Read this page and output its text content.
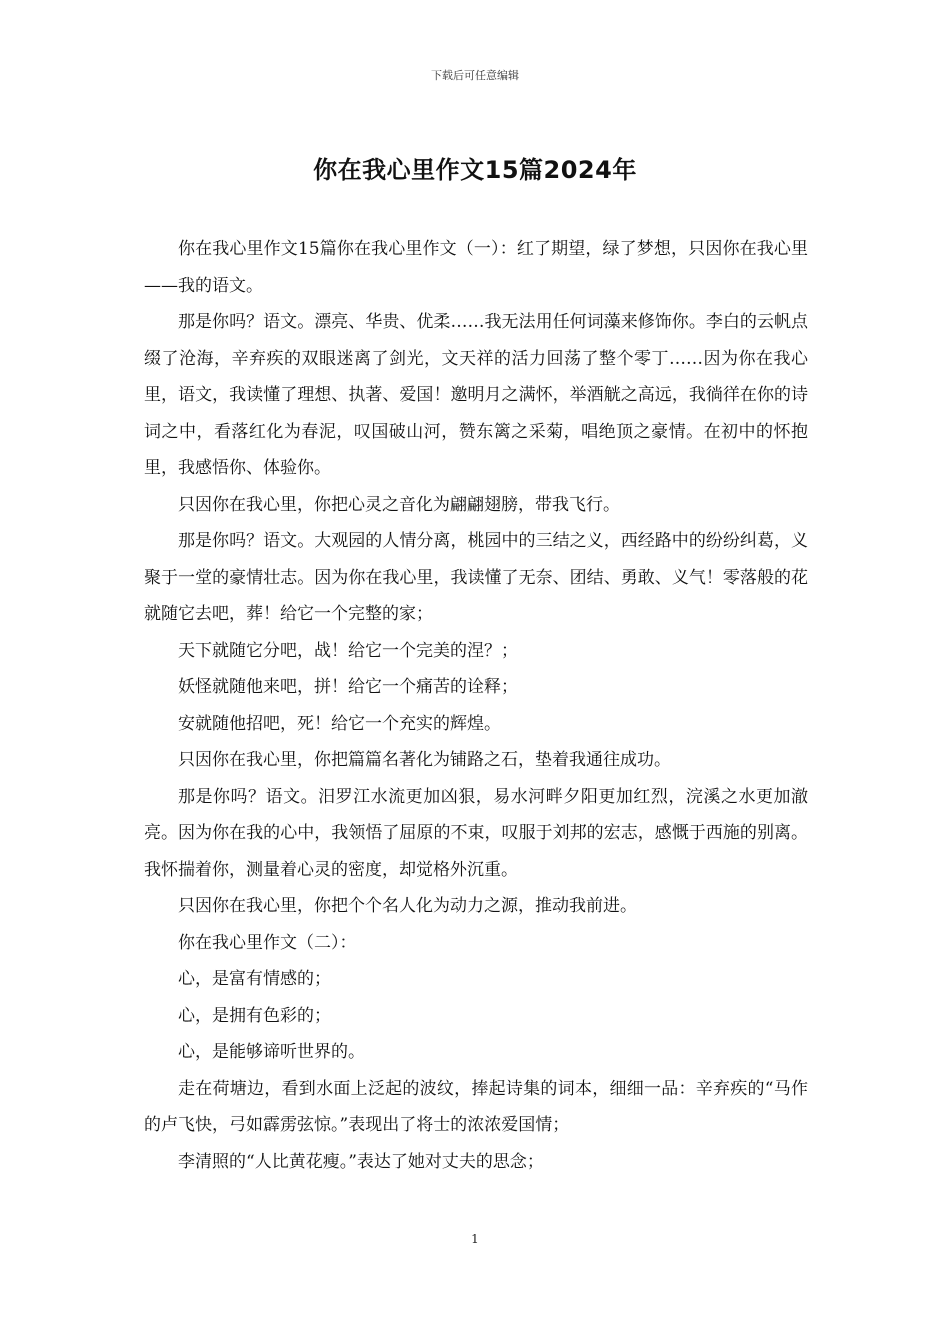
下载后可任意编辑
你在我心里作文15篇2024年

你在我心里作文15篇你在我心里作文（一）：红了期望，绿了梦想，只因你在我心里——我的语文。

那是你吗？语文。漂亮、华贵、优柔……我无法用任何词藻来修饰你。李白的云帆点缀了沧海，辛弃疾的双眼迷离了剑光，文天祥的活力回荡了整个零丁……因为你在我心里，语文，我读懂了理想、执著、爱国！邀明月之满怀，举酒觥之高远，我徜徉在你的诗词之中，看落红化为春泥，叹国破山河，赞东篱之采菊，唱绝顶之豪情。在初中的怀抱里，我感悟你、体验你。

只因你在我心里，你把心灵之音化为翩翩翅膀，带我飞行。

那是你吗？语文。大观园的人情分离，桃园中的三结之义，西经路中的纷纷纠葛，义聚于一堂的豪情壮志。因为你在我心里，我读懂了无奈、团结、勇敢、义气！零落般的花就随它去吧，葬！给它一个完整的家；

天下就随它分吧，战！给它一个完美的涅？；

妖怪就随他来吧，拼！给它一个痛苦的诠释；

安就随他招吧，死！给它一个充实的辉煌。

只因你在我心里，你把篇篇名著化为铺路之石，垫着我通往成功。

那是你吗？语文。汨罗江水流更加凶狠，易水河畔夕阳更加红烈，浣溪之水更加澈亮。因为你在我的心中，我领悟了屈原的不束，叹服于刘邦的宏志，感慨于西施的别离。我怀揣着你，测量着心灵的密度，却觉格外沉重。

只因你在我心里，你把个个名人化为动力之源，推动我前进。

你在我心里作文（二）：

心，是富有情感的；

心，是拥有色彩的；

心，是能够谛听世界的。

走在荷塘边，看到水面上泛起的波纹，捧起诗集的词本，细细一品：辛弃疾的“马作的卢飞快，弓如霹雳弦惊。”表现出了将士的浓浓爱国情；

李清照的“人比黄花瘦。”表达了她对丈夫的思念；

1
